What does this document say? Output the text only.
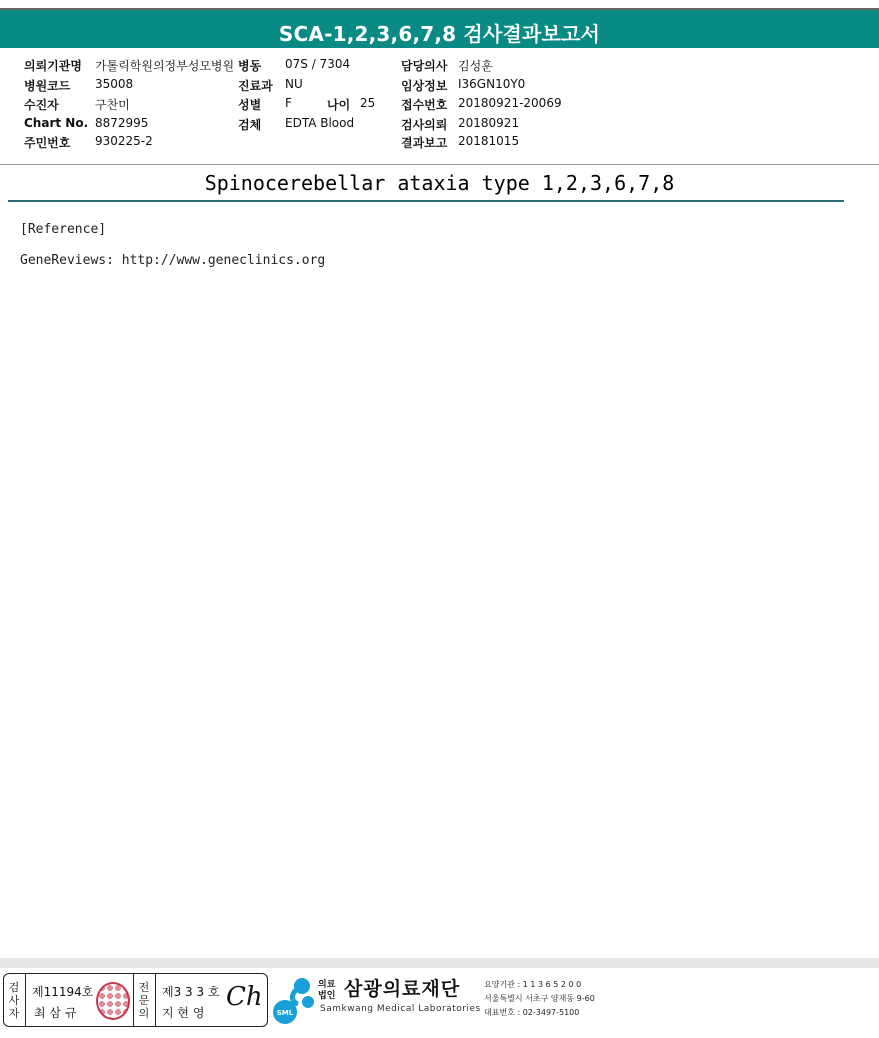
SCA-1,2,3,6,7,8 검사결과보고서
의뢰기관명 가톨릭학원의정부성모병원
병원코드 35008
수진자	구찬미
Chart No. 8872995
주민번호 930225-2
병동 07S / 7304
진료과 NU
성별 F	나이 25
검체 EDTA Blood
담당의사 김성훈
임상정보 I36GN10Y0
접수번호 20180921-20069
검사의뢰 20180921
결과보고 20181015
Spinocerebellar ataxia type 1,2,3,6,7,8
[Reference]
GeneReviews: http://www.geneclinics.org
검
사
자
제11194호
최 삼 규
전
문
의
제3 3 3 호
지 현 영
Ch
SML
의료
법인 삼광의료재단
Samkwang Medical Laboratories
요양기관 : 1 1 3 6 5 2 0 0
서울특별시 서초구 양재동 9-60
대표번호 : 02-3497-5100
